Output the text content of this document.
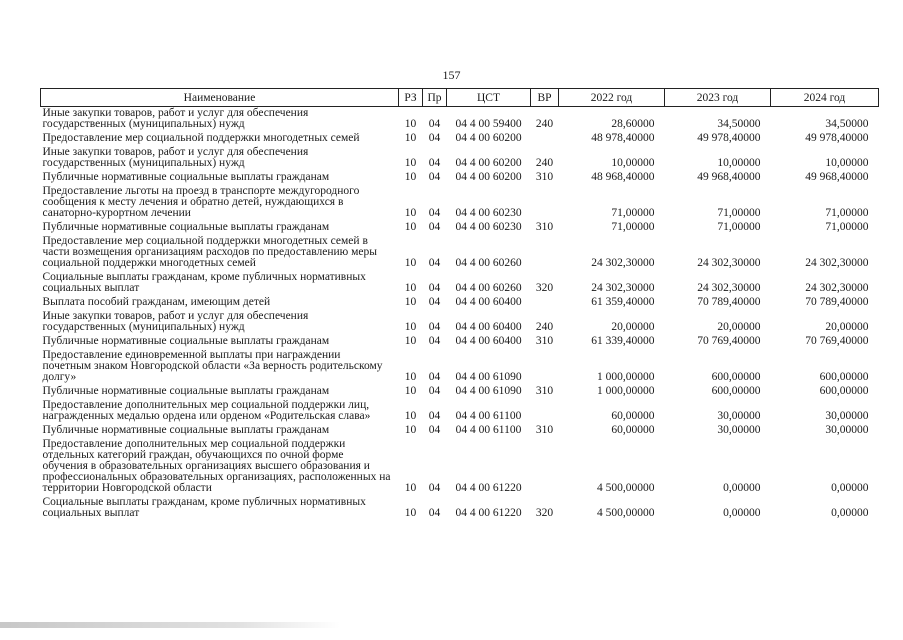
157
Наименование	РЗ	Пр	ЦСТ	ВР	2022 год	2023 год	2024 год
Иные закупки товаров, работ и услуг для обеспечения государственных (муниципальных) нужд	10	04	04 4 00 59400	240	28,60000	34,50000	34,50000
Предоставление мер социальной поддержки многодетных семей	10	04	04 4 00 60200		48 978,40000	49 978,40000	49 978,40000
Иные закупки товаров, работ и услуг для обеспечения государственных (муниципальных) нужд	10	04	04 4 00 60200	240	10,00000	10,00000	10,00000
Публичные нормативные социальные выплаты гражданам	10	04	04 4 00 60200	310	48 968,40000	49 968,40000	49 968,40000
Предоставление льготы на проезд в транспорте междугородного сообщения к месту лечения и обратно детей, нуждающихся в санаторно-курортном лечении	10	04	04 4 00 60230		71,00000	71,00000	71,00000
Публичные нормативные социальные выплаты гражданам	10	04	04 4 00 60230	310	71,00000	71,00000	71,00000
Предоставление мер социальной поддержки многодетных семей в части возмещения организациям расходов по предоставлению меры социальной поддержки многодетных семей	10	04	04 4 00 60260		24 302,30000	24 302,30000	24 302,30000
Социальные выплаты гражданам, кроме публичных нормативных социальных выплат	10	04	04 4 00 60260	320	24 302,30000	24 302,30000	24 302,30000
Выплата пособий гражданам, имеющим детей	10	04	04 4 00 60400		61 359,40000	70 789,40000	70 789,40000
Иные закупки товаров, работ и услуг для обеспечения государственных (муниципальных) нужд	10	04	04 4 00 60400	240	20,00000	20,00000	20,00000
Публичные нормативные социальные выплаты гражданам	10	04	04 4 00 60400	310	61 339,40000	70 769,40000	70 769,40000
Предоставление единовременной выплаты при награждении почетным знаком Новгородской области «За верность родительскому долгу»	10	04	04 4 00 61090		1 000,00000	600,00000	600,00000
Публичные нормативные социальные выплаты гражданам	10	04	04 4 00 61090	310	1 000,00000	600,00000	600,00000
Предоставление дополнительных мер социальной поддержки лиц, награжденных медалью ордена или орденом «Родительская слава»	10	04	04 4 00 61100		60,00000	30,00000	30,00000
Публичные нормативные социальные выплаты гражданам	10	04	04 4 00 61100	310	60,00000	30,00000	30,00000
Предоставление дополнительных мер социальной поддержки отдельных категорий граждан, обучающихся по очной форме обучения в образовательных организациях высшего образования и профессиональных образовательных организациях, расположенных на территории Новгородской области	10	04	04 4 00 61220		4 500,00000	0,00000	0,00000
Социальные выплаты гражданам, кроме публичных нормативных социальных выплат	10	04	04 4 00 61220	320	4 500,00000	0,00000	0,00000
